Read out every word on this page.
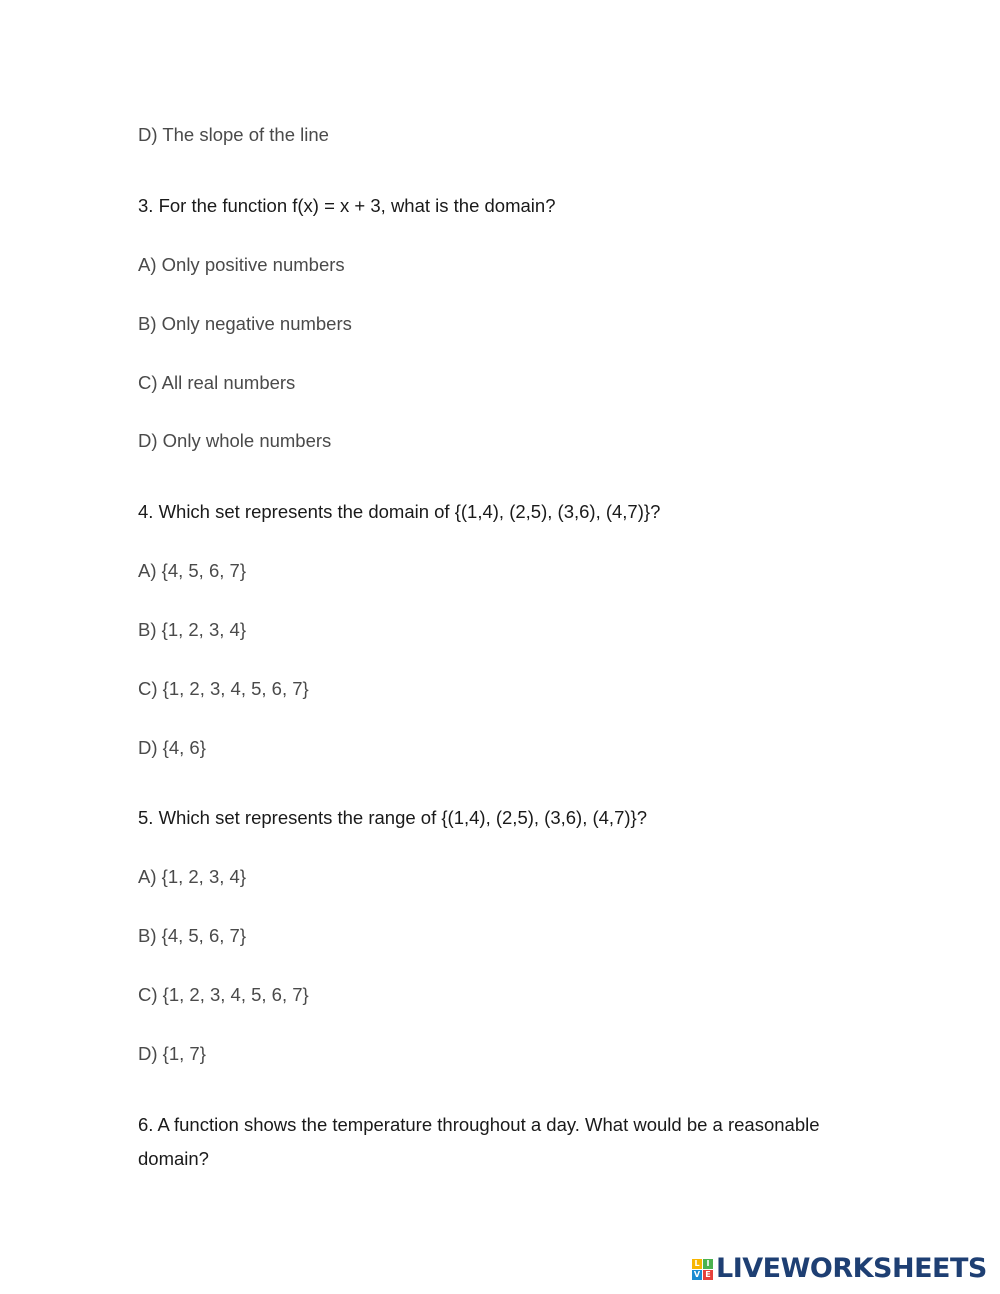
D) The slope of the line
3. For the function f(x) = x + 3, what is the domain?
A) Only positive numbers
B) Only negative numbers
C) All real numbers
D) Only whole numbers
4. Which set represents the domain of {(1,4), (2,5), (3,6), (4,7)}?
A) {4, 5, 6, 7}
B) {1, 2, 3, 4}
C) {1, 2, 3, 4, 5, 6, 7}
D) {4, 6}
5. Which set represents the range of {(1,4), (2,5), (3,6), (4,7)}?
A) {1, 2, 3, 4}
B) {4, 5, 6, 7}
C) {1, 2, 3, 4, 5, 6, 7}
D) {1, 7}
6. A function shows the temperature throughout a day. What would be a reasonable domain?
L I
V E LIVEWORKSHEETS
